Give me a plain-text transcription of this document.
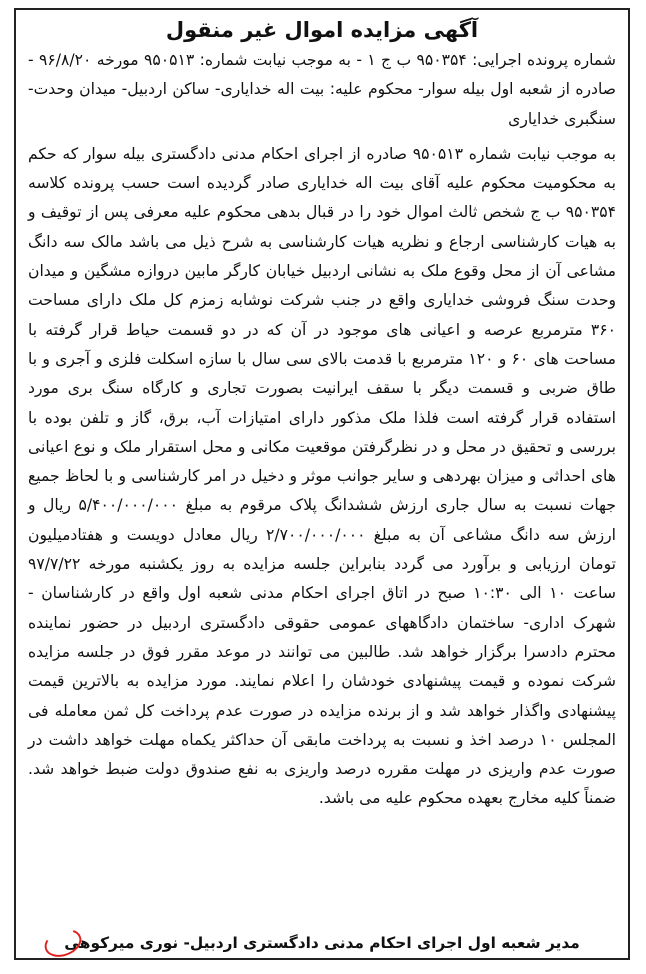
آگهی مزایده اموال غیر منقول

شماره پرونده اجرایی: ۹۵۰۳۵۴ ب ج ۱ - به موجب نیابت شماره: ۹۵۰۵۱۳ مورخه ۹۶/۸/۲۰ - صادره از شعبه اول بیله سوار- محکوم علیه: بیت اله خدایاری- ساکن اردبیل- میدان وحدت- سنگبری خدایاری

به موجب نیابت شماره ۹۵۰۵۱۳ صادره از اجرای احکام مدنی دادگستری بیله سوار که حکم به محکومیت محکوم علیه آقای بیت اله خدایاری صادر گردیده است حسب پرونده کلاسه ۹۵۰۳۵۴ ب ج شخص ثالث اموال خود را در قبال بدهی محکوم علیه معرفی پس از توقیف و به هیات کارشناسی ارجاع و نظریه هیات کارشناسی به شرح ذیل می باشد مالک سه دانگ مشاعی آن از محل وقوع ملک به نشانی اردبیل خیابان کارگر مابین دروازه مشگین و میدان وحدت سنگ فروشی خدایاری واقع در جنب شرکت نوشابه زمزم کل ملک دارای مساحت ۳۶۰ مترمربع عرصه و اعیانی های موجود در آن که در دو قسمت حیاط قرار گرفته با مساحت های ۶۰ و ۱۲۰ مترمربع با قدمت بالای سی سال با سازه اسکلت فلزی و آجری و با طاق ضربی و قسمت دیگر با سقف ایرانیت بصورت تجاری و کارگاه سنگ بری مورد استفاده قرار گرفته است فلذا ملک مذکور دارای امتیازات آب، برق، گاز و تلفن بوده با بررسی و تحقیق در محل و در نظرگرفتن موقعیت مکانی و محل استقرار ملک و نوع اعیانی های احداثی و میزان بهردهی و سایر جوانب موثر و دخیل در امر کارشناسی و با لحاظ جمیع جهات نسبت به سال جاری ارزش ششدانگ پلاک مرقوم به مبلغ ۵/۴۰۰/۰۰۰/۰۰۰ ریال و ارزش سه دانگ مشاعی آن به مبلغ ۲/۷۰۰/۰۰۰/۰۰۰ ریال معادل دویست و هفتادمیلیون تومان ارزیابی و برآورد می گردد بنابراین جلسه مزایده به روز یکشنبه مورخه ۹۷/۷/۲۲ ساعت ۱۰ الی ۱۰:۳۰ صبح در اتاق اجرای احکام مدنی شعبه اول واقع در کارشناسان - شهرک اداری- ساختمان دادگاههای عمومی حقوقی دادگستری اردبیل در حضور نماینده محترم دادسرا برگزار خواهد شد. طالبین می توانند در موعد مقرر فوق در جلسه مزایده شرکت نموده و قیمت پیشنهادی خودشان را اعلام نمایند. مورد مزایده به بالاترین قیمت پیشنهادی واگذار خواهد شد و از برنده مزایده در صورت عدم پرداخت کل ثمن معامله فی المجلس ۱۰ درصد اخذ و نسبت به پرداخت مابقی آن حداکثر یکماه مهلت خواهد داشت در صورت عدم واریزی در مهلت مقرره درصد واریزی به نفع صندوق دولت ضبط خواهد شد. ضمناً کلیه مخارج بعهده محکوم علیه می باشد.

مدیر شعبه اول اجرای احکام مدنی دادگستری اردبیل- نوری میرکوهی
